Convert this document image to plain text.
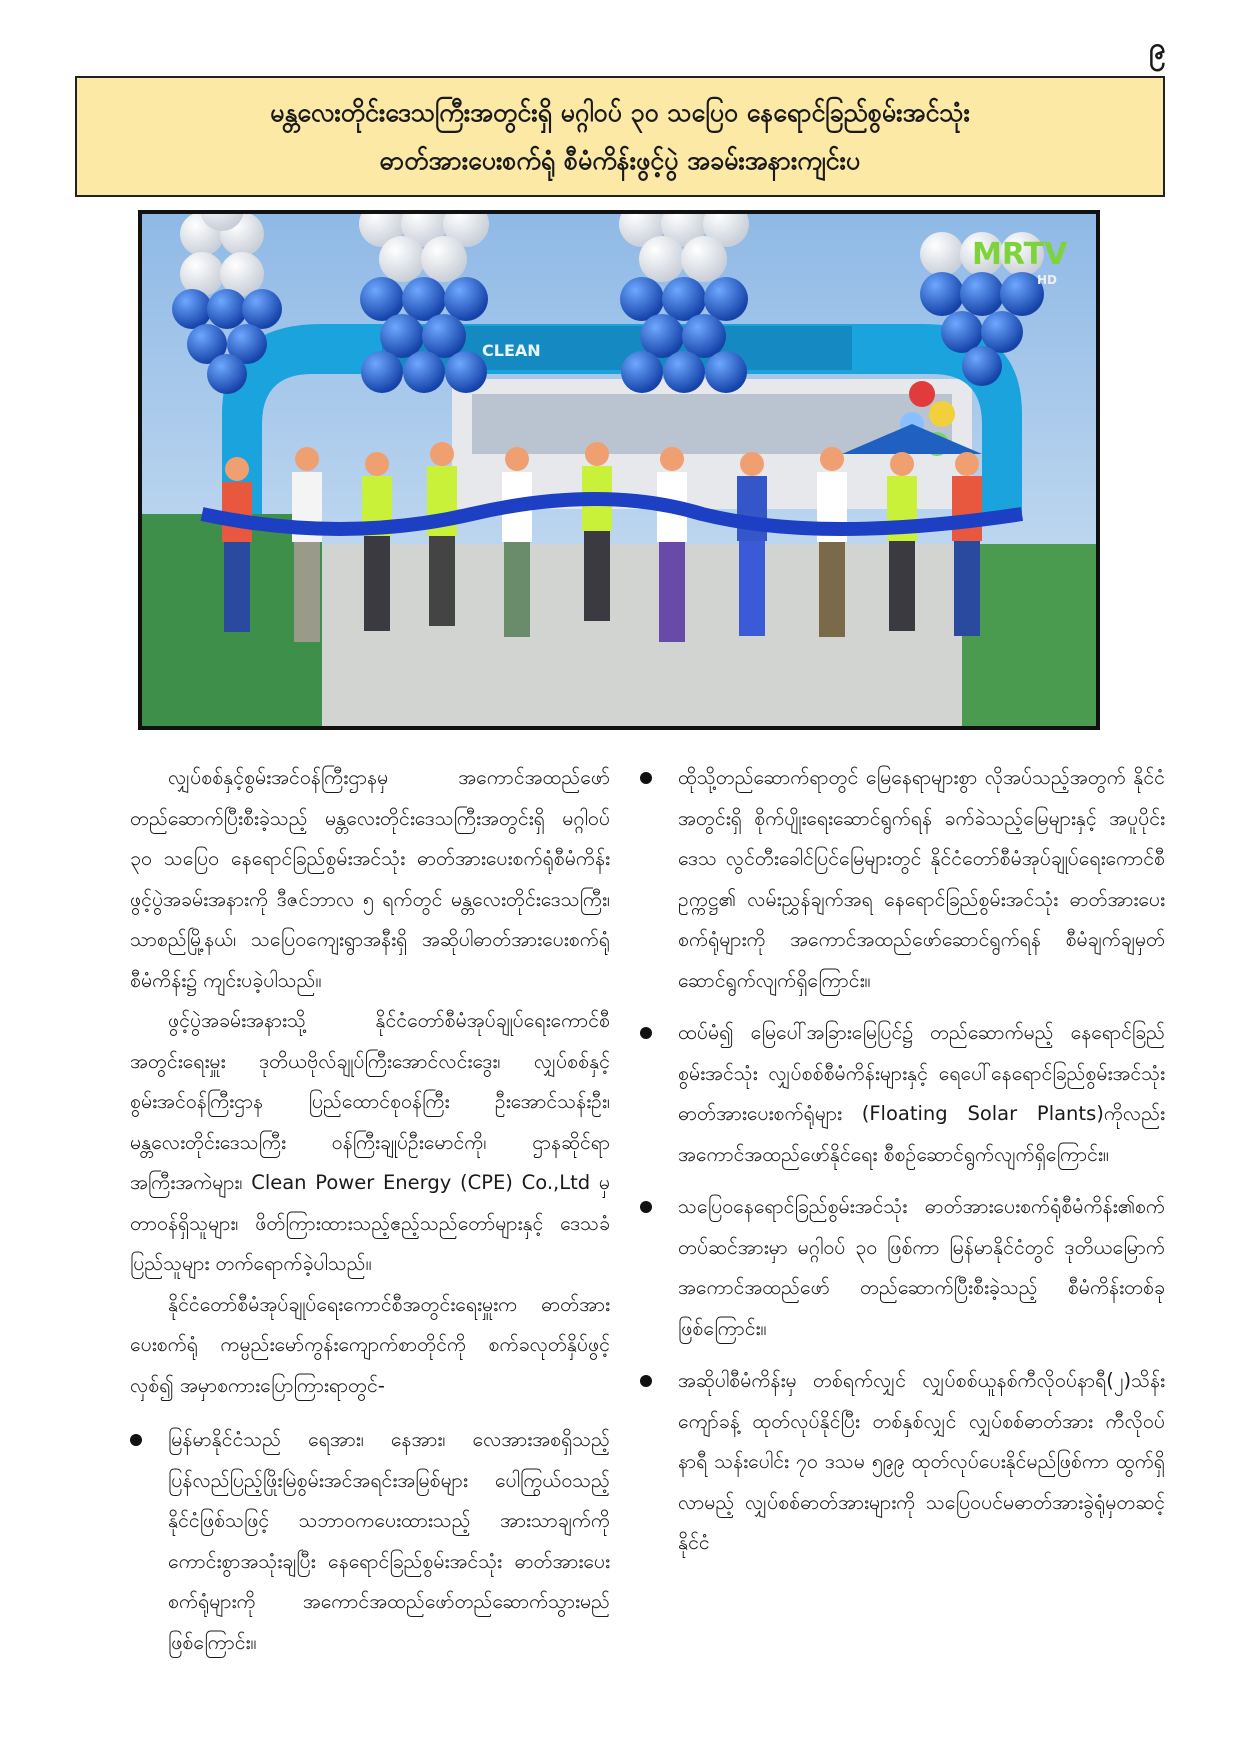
၉
မန္တလေးတိုင်းဒေသကြီးအတွင်းရှိ မဂ္ဂါဝပ် ၃၀ သပြေဝ နေရောင်ခြည်စွမ်းအင်သုံး
ဓာတ်အားပေးစက်ရုံ စီမံကိန်းဖွင့်ပွဲ အခမ်းအနားကျင်းပ
CLEAN
MRTV
HD

လျှပ်စစ်နှင့်စွမ်းအင်ဝန်ကြီးဌာနမှ အကောင်အထည်ဖော်တည်ဆောက်ပြီးစီးခဲ့သည့် မန္တလေးတိုင်းဒေသကြီးအတွင်းရှိ မဂ္ဂါဝပ် ၃၀ သပြေဝ နေရောင်ခြည်စွမ်းအင်သုံး ဓာတ်အားပေးစက်ရုံစီမံကိန်း ဖွင့်ပွဲအခမ်းအနားကို ဒီဇင်ဘာလ ၅ ရက်တွင် မန္တလေးတိုင်းဒေသကြီး၊ သာစည်မြို့နယ်၊ သပြေဝကျေးရွာအနီးရှိ အဆိုပါဓာတ်အားပေးစက်ရုံစီမံကိန်း၌ ကျင်းပခဲ့ပါသည်။

ဖွင့်ပွဲအခမ်းအနားသို့ နိုင်ငံတော်စီမံအုပ်ချုပ်ရေးကောင်စီအတွင်းရေးမှူး ဒုတိယဗိုလ်ချုပ်ကြီးအောင်လင်းဒွေး၊ လျှပ်စစ်နှင့်စွမ်းအင်ဝန်ကြီးဌာန ပြည်ထောင်စုဝန်ကြီး ဦးအောင်သန်းဦး၊ မန္တလေးတိုင်းဒေသကြီး ဝန်ကြီးချုပ်ဦးမောင်ကို၊ ဌာနဆိုင်ရာအကြီးအကဲများ၊ Clean Power Energy (CPE) Co.,Ltd မှ တာဝန်ရှိသူများ၊ ဖိတ်ကြားထားသည့်ဧည့်သည်တော်များနှင့် ဒေသခံပြည်သူများ တက်ရောက်ခဲ့ပါသည်။

နိုင်ငံတော်စီမံအုပ်ချုပ်ရေးကောင်စီအတွင်းရေးမှူးက ဓာတ်အားပေးစက်ရုံ ကမ္ပည်းမော်ကွန်းကျောက်စာတိုင်ကို စက်ခလုတ်နှိပ်ဖွင့်လှစ်၍ အမှာစကားပြောကြားရာတွင်-

မြန်မာနိုင်ငံသည် ရေအား၊ နေအား၊ လေအားအစရှိသည့် ပြန်လည်ပြည့်ဖြိုးမြဲစွမ်းအင်အရင်းအမြစ်များ ပေါကြွယ်ဝသည့်နိုင်ငံဖြစ်သဖြင့် သဘာဝကပေးထားသည့် အားသာချက်ကို ကောင်းစွာအသုံးချပြီး နေရောင်ခြည်စွမ်းအင်သုံး ဓာတ်အားပေးစက်ရုံများကို အကောင်အထည်ဖော်တည်ဆောက်သွားမည်ဖြစ်ကြောင်း။
ထိုသို့တည်ဆောက်ရာတွင် မြေနေရာများစွာ လိုအပ်သည့်အတွက် နိုင်ငံအတွင်းရှိ စိုက်ပျိုးရေးဆောင်ရွက်ရန် ခက်ခဲသည့်မြေများနှင့် အပူပိုင်းဒေသ လွင်တီးခေါင်ပြင်မြေများတွင် နိုင်ငံတော်စီမံအုပ်ချုပ်ရေးကောင်စီဥက္ကဋ္ဌ၏ လမ်းညွှန်ချက်အရ နေရောင်ခြည်စွမ်းအင်သုံး ဓာတ်အားပေးစက်ရုံများကို အကောင်အထည်ဖော်ဆောင်ရွက်ရန် စီမံချက်ချမှတ်ဆောင်ရွက်လျက်ရှိကြောင်း။
ထပ်မံ၍ မြေပေါ်အခြားမြေပြင်၌ တည်ဆောက်မည့် နေရောင်ခြည်စွမ်းအင်သုံး လျှပ်စစ်စီမံကိန်းများနှင့် ရေပေါ်နေရောင်ခြည်စွမ်းအင်သုံးဓာတ်အားပေးစက်ရုံများ (Floating Solar Plants)ကိုလည်း အကောင်အထည်ဖော်နိုင်ရေး စီစဉ်ဆောင်ရွက်လျက်ရှိကြောင်း။
သပြေဝနေရောင်ခြည်စွမ်းအင်သုံး ဓာတ်အားပေးစက်ရုံစီမံကိန်း၏စက်တပ်ဆင်အားမှာ မဂ္ဂါဝပ် ၃၀ ဖြစ်ကာ မြန်မာနိုင်ငံတွင် ဒုတိယမြောက်အကောင်အထည်ဖော် တည်ဆောက်ပြီးစီးခဲ့သည့် စီမံကိန်းတစ်ခုဖြစ်ကြောင်း။
အဆိုပါစီမံကိန်းမှ တစ်ရက်လျှင် လျှပ်စစ်ယူနစ်ကီလိုဝပ်နာရီ(၂)သိန်းကျော်ခန့် ထုတ်လုပ်နိုင်ပြီး တစ်နှစ်လျှင် လျှပ်စစ်ဓာတ်အား ကီလိုဝပ်နာရီ သန်းပေါင်း ၇၀ ဒသမ ၅၉၉ ထုတ်လုပ်ပေးနိုင်မည်ဖြစ်ကာ ထွက်ရှိလာမည့် လျှပ်စစ်ဓာတ်အားများကို သပြေဝပင်မဓာတ်အားခွဲရုံမှတဆင့် နိုင်ငံ
